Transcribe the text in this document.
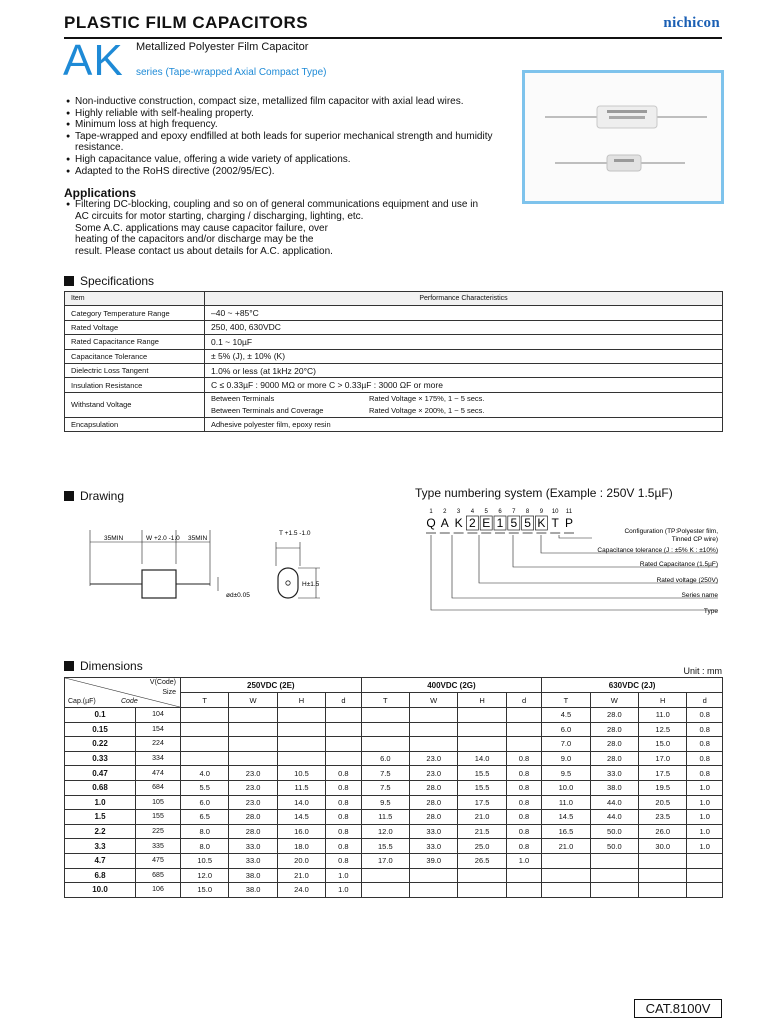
PLASTIC FILM CAPACITORS	nichicon
AK Metallized Polyester Film Capacitor
series (Tape-wrapped Axial Compact Type)
● Non-inductive construction, compact size, metallized film capacitor with axial lead wires.
● Highly reliable with self-healing property.
● Minimum loss at high frequency.
● Tape-wrapped and epoxy endfilled at both leads for superior mechanical strength and humidity resistance.
● High capacitance value, offering a wide variety of applications.
● Adapted to the RoHS directive (2002/95/EC).
Applications
● Filtering DC-blocking, coupling and so on of general communications equipment and use in

AC circuits for motor starting, charging / discharging, lighting, etc.

Some A.C. applications may cause capacitor failure, over

heating of the capacitors and/or discharge may be the

result. Please contact us about details for A.C. application.

Specifications
Item	Performance Characteristics
Category Temperature Range	–40 ~ +85°C
Rated Voltage	250, 400, 630VDC
Rated Capacitance Range	0.1 ~ 10µF
Capacitance Tolerance	± 5% (J), ± 10% (K)
Dielectric Loss Tangent	1.0% or less (at 1kHz 20°C)
Insulation Resistance	C ≤ 0.33µF : 9000 MΩ or more C > 0.33µF : 3000 ΩF or more
Withstand Voltage	Between Terminals Rated Voltage × 175%, 1 ~ 5 secs.
Between Terminals and Coverage Rated Voltage × 200%, 1 ~ 5 secs.

Encapsulation	Adhesive polyester film, epoxy resin
Drawing
35MIN	W +2.0 -1.0 35MIN
ød±0.05
T +1.5 -1.0
H±1.5
Type numbering system (Example : 250V 1.5µF)
1
Q
2
A
3
K
4
2
5
E
6
1
7
5
8
5
9
K
10
T
11
P
Configuration (TP:Polyester film,
Tinned CP wire)
Capacitance tolerance (J : ±5% K : ±10%)
Rated Capacitance (1.5µF)
Rated voltage (250V)
Series name
Type
Dimensions	Unit : mm
V(Code)
Size
Cap.(µF) Code		250VDC (2E)				400VDC (2G)				630VDC (2J)			
		T	W	H	d	T	W	H	d	T	W	H	d
0.1	104									4.5	28.0	11.0	0.8
0.15	154									6.0	28.0	12.5	0.8
0.22	224									7.0	28.0	15.0	0.8
0.33	334					6.0	23.0	14.0	0.8	9.0	28.0	17.0	0.8
0.47	474	4.0	23.0	10.5	0.8	7.5	23.0	15.5	0.8	9.5	33.0	17.5	0.8
0.68	684	5.5	23.0	11.5	0.8	7.5	28.0	15.5	0.8	10.0	38.0	19.5	1.0
1.0	105	6.0	23.0	14.0	0.8	9.5	28.0	17.5	0.8	11.0	44.0	20.5	1.0
1.5	155	6.5	28.0	14.5	0.8	11.5	28.0	21.0	0.8	14.5	44.0	23.5	1.0
2.2	225	8.0	28.0	16.0	0.8	12.0	33.0	21.5	0.8	16.5	50.0	26.0	1.0
3.3	335	8.0	33.0	18.0	0.8	15.5	33.0	25.0	0.8	21.0	50.0	30.0	1.0
4.7	475	10.5	33.0	20.0	0.8	17.0	39.0	26.5	1.0				
6.8	685	12.0	38.0	21.0	1.0								
10.0	106	15.0	38.0	24.0	1.0								
CAT.8100V
